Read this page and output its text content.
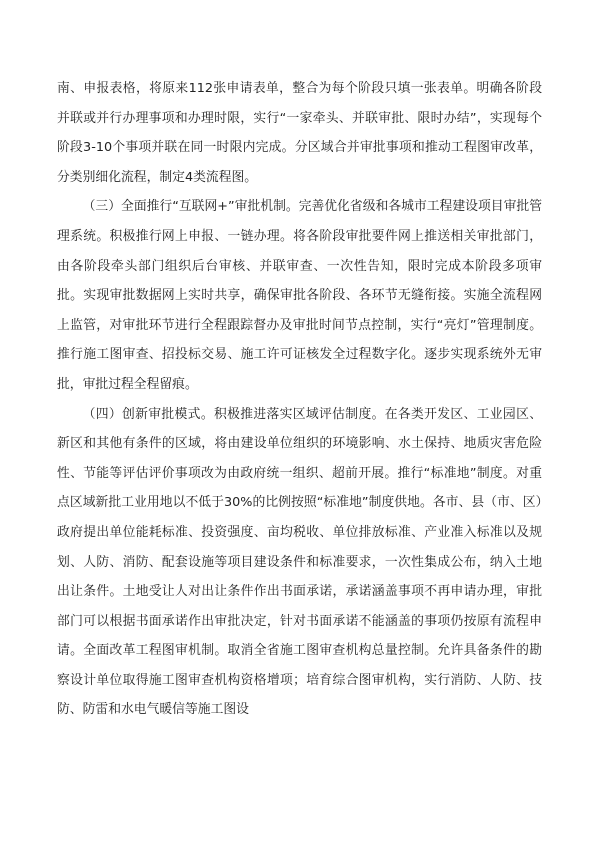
南、申报表格，将原来112张申请表单，整合为每个阶段只填一张表单。明确各阶段并联或并行办理事项和办理时限，实行“一家牵头、并联审批、限时办结”，实现每个阶段3-10个事项并联在同一时限内完成。分区域合并审批事项和推动工程图审改革，分类别细化流程，制定4类流程图。

（三）全面推行“互联网+”审批机制。完善优化省级和各城市工程建设项目审批管理系统。积极推行网上申报、一链办理。将各阶段审批要件网上推送相关审批部门，由各阶段牵头部门组织后台审核、并联审查、一次性告知，限时完成本阶段多项审批。实现审批数据网上实时共享，确保审批各阶段、各环节无缝衔接。实施全流程网上监管，对审批环节进行全程跟踪督办及审批时间节点控制，实行“亮灯”管理制度。推行施工图审查、招投标交易、施工许可证核发全过程数字化。逐步实现系统外无审批，审批过程全程留痕。

（四）创新审批模式。积极推进落实区域评估制度。在各类开发区、工业园区、新区和其他有条件的区域，将由建设单位组织的环境影响、水土保持、地质灾害危险性、节能等评估评价事项改为由政府统一组织、超前开展。推行“标准地”制度。对重点区域新批工业用地以不低于30%的比例按照“标准地”制度供地。各市、县（市、区）政府提出单位能耗标准、投资强度、亩均税收、单位排放标准、产业准入标准以及规划、人防、消防、配套设施等项目建设条件和标准要求，一次性集成公布，纳入土地出让条件。土地受让人对出让条件作出书面承诺，承诺涵盖事项不再申请办理，审批部门可以根据书面承诺作出审批决定，针对书面承诺不能涵盖的事项仍按原有流程申请。全面改革工程图审机制。取消全省施工图审查机构总量控制。允许具备条件的勘察设计单位取得施工图审查机构资格增项；培育综合图审机构，实行消防、人防、技防、防雷和水电气暖信等施工图设
